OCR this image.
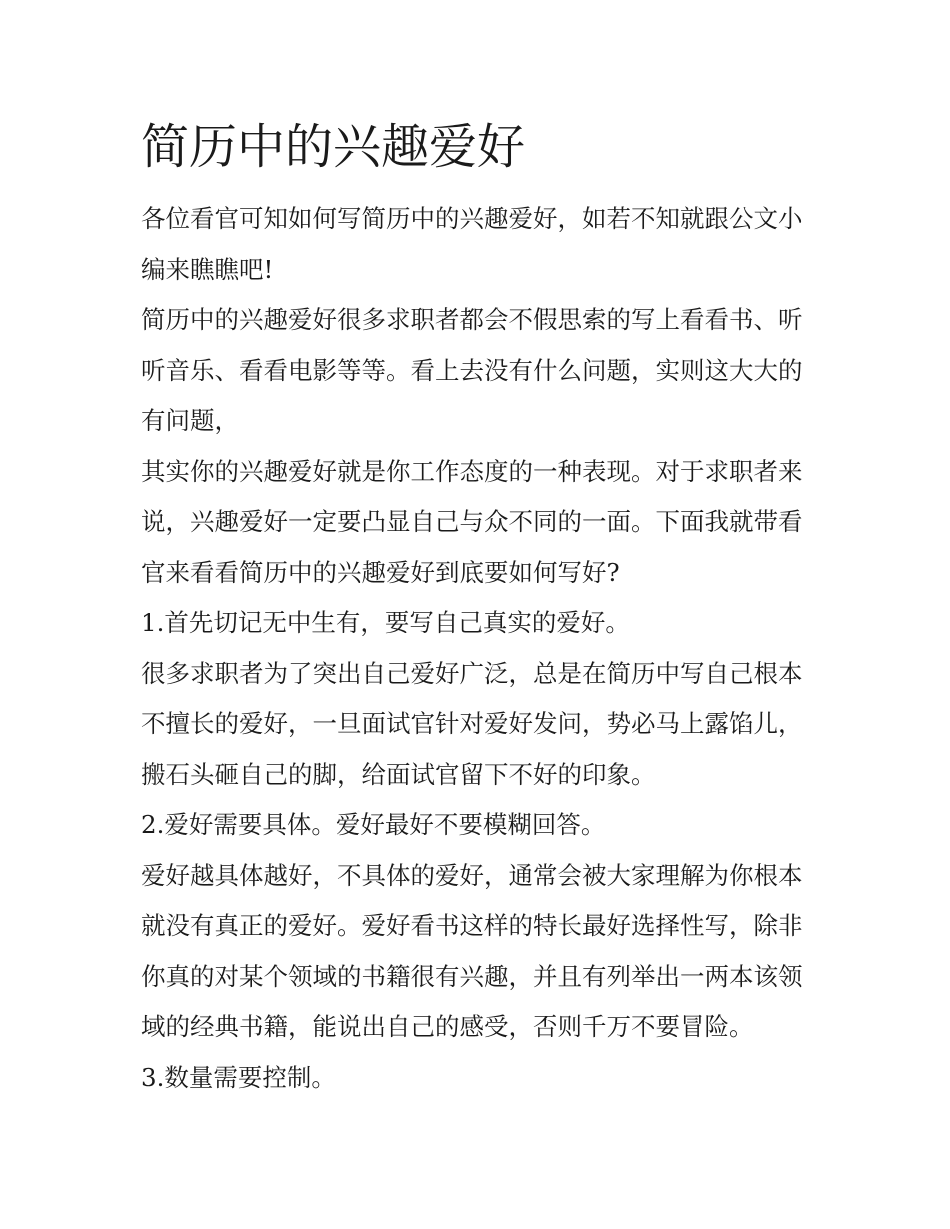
简历中的兴趣爱好

各位看官可知如何写简历中的兴趣爱好，如若不知就跟公文小编来瞧瞧吧!

简历中的兴趣爱好很多求职者都会不假思索的写上看看书、听听音乐、看看电影等等。看上去没有什么问题，实则这大大的有问题，

其实你的兴趣爱好就是你工作态度的一种表现。对于求职者来说，兴趣爱好一定要凸显自己与众不同的一面。下面我就带看官来看看简历中的兴趣爱好到底要如何写好?

1.首先切记无中生有，要写自己真实的爱好。

很多求职者为了突出自己爱好广泛，总是在简历中写自己根本不擅长的爱好，一旦面试官针对爱好发问，势必马上露馅儿，搬石头砸自己的脚，给面试官留下不好的印象。

2.爱好需要具体。爱好最好不要模糊回答。

爱好越具体越好，不具体的爱好，通常会被大家理解为你根本就没有真正的爱好。爱好看书这样的特长最好选择性写，除非你真的对某个领域的书籍很有兴趣，并且有列举出一两本该领域的经典书籍，能说出自己的感受，否则千万不要冒险。

3.数量需要控制。
